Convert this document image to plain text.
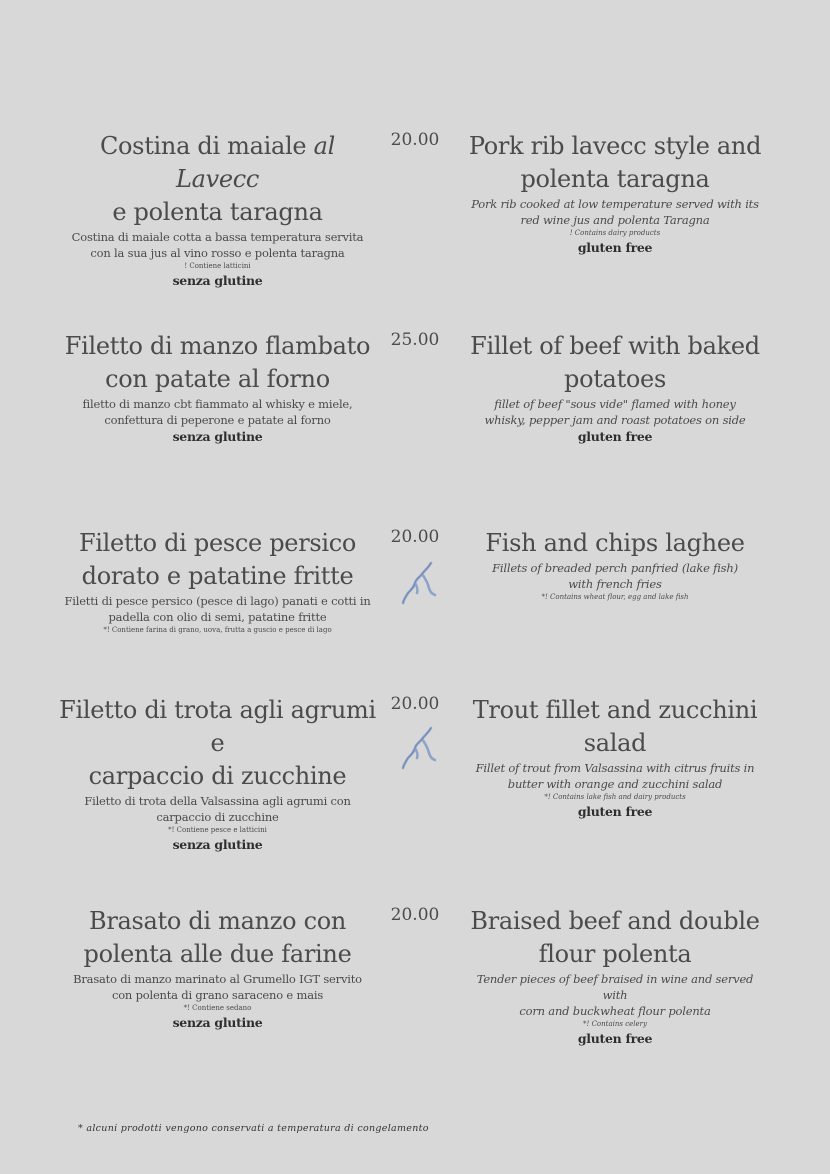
Costina di maiale al Lavecc
e polenta taragna
Costina di maiale cotta a bassa temperatura servita
con la sua jus al vino rosso e polenta taragna
! Contiene latticini
senza glutine
20.00 Pork rib lavecc style and
polenta taragna
Pork rib cooked at low temperature served with its
red wine jus and polenta Taragna
! Contains dairy products
gluten free
Filetto di manzo flambato
con patate al forno
filetto di manzo cbt fiammato al whisky e miele,
confettura di peperone e patate al forno
senza glutine
25.00 Fillet of beef with baked
potatoes
fillet of beef "sous vide" flamed with honey
whisky, pepper jam and roast potatoes on side
gluten free
Filetto di pesce persico
dorato e patatine fritte
Filetti di pesce persico (pesce di lago) panati e cotti in
padella con olio di semi, patatine fritte
*! Contiene farina di grano, uova, frutta a guscio e pesce di lago
20.00	Fish and chips laghee
Fillets of breaded perch panfried (lake fish)
with french fries
*! Contains wheat flour, egg and lake fish
Filetto di trota agli agrumi e
carpaccio di zucchine
Filetto di trota della Valsassina agli agrumi con
carpaccio di zucchine
*! Contiene pesce e latticini
senza glutine
20.00	Trout fillet and zucchini
salad
Fillet of trout from Valsassina with citrus fruits in
butter with orange and zucchini salad
*! Contains lake fish and dairy products
gluten free
Brasato di manzo con
polenta alle due farine
Brasato di manzo marinato al Grumello IGT servito
con polenta di grano saraceno e mais
*! Contiene sedano
senza glutine
20.00 Braised beef and double
flour polenta
Tender pieces of beef braised in wine and served with
corn and buckwheat flour polenta
*! Contains celery
gluten free
* alcuni prodotti vengono conservati a temperatura di congelamento
